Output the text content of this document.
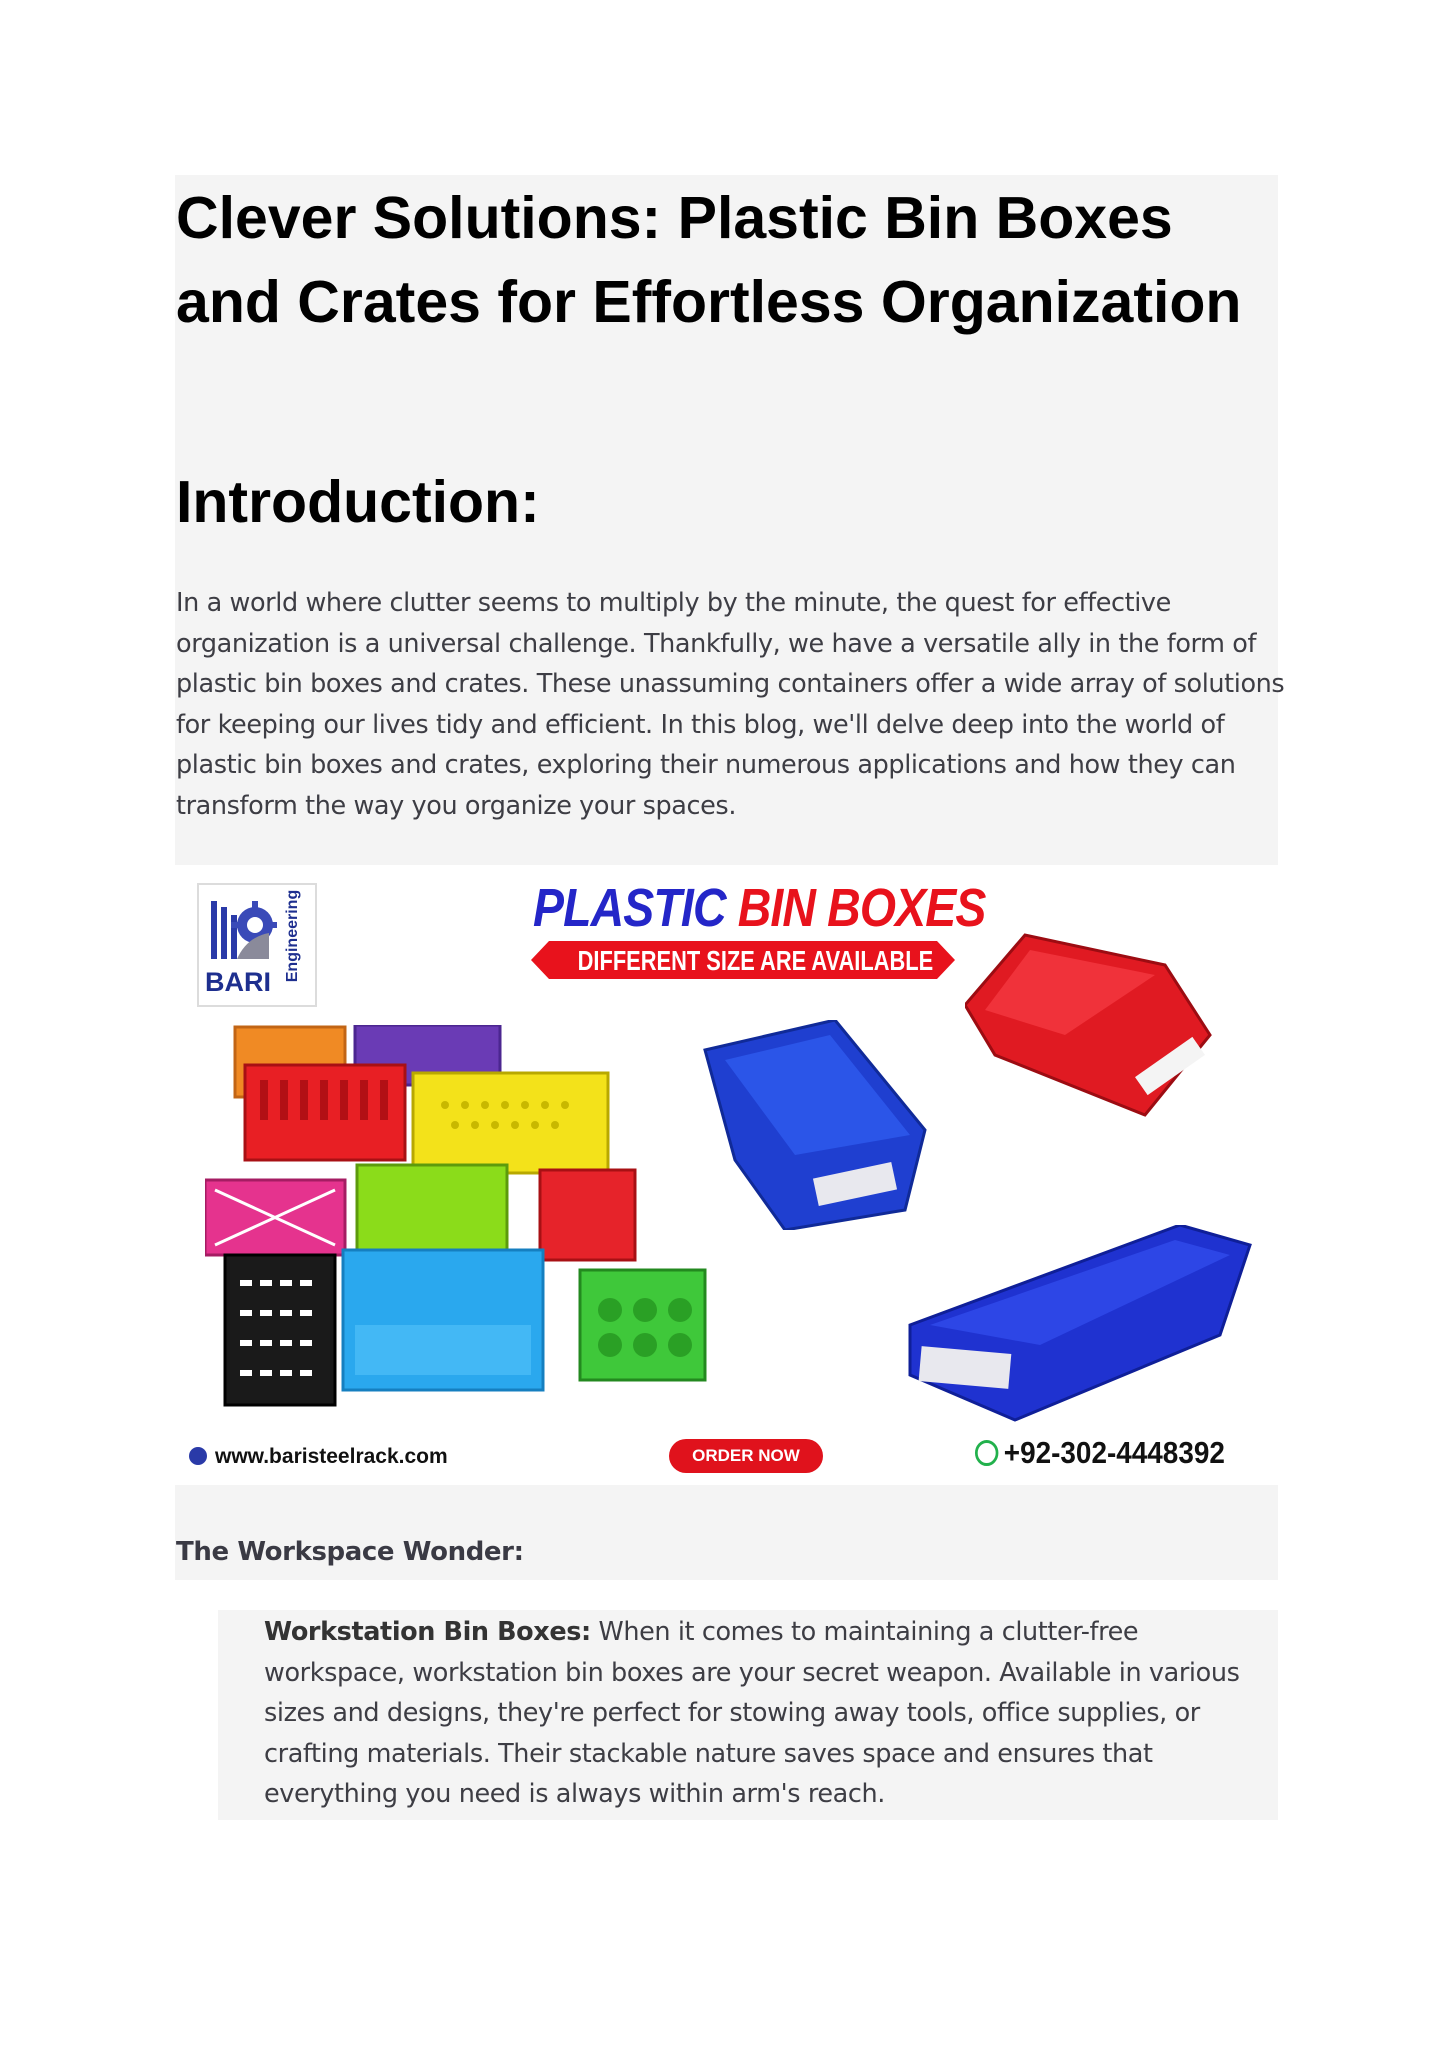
Clever Solutions: Plastic Bin Boxes and Crates for Effortless Organization
Introduction:

In a world where clutter seems to multiply by the minute, the quest for effective organization is a universal challenge. Thankfully, we have a versatile ally in the form of plastic bin boxes and crates. These unassuming containers offer a wide array of solutions for keeping our lives tidy and efficient. In this blog, we'll delve deep into the world of plastic bin boxes and crates, exploring their numerous applications and how they can transform the way you organize your spaces.

BARI Engineering	PLASTIC BIN BOXES
DIFFERENT SIZE ARE AVAILABLE
www.baristeelrack.com	ORDER NOW	+92-302-4448392
The Workspace Wonder:

Workstation Bin Boxes: When it comes to maintaining a clutter-free workspace, workstation bin boxes are your secret weapon. Available in various sizes and designs, they're perfect for stowing away tools, office supplies, or crafting materials. Their stackable nature saves space and ensures that everything you need is always within arm's reach.
